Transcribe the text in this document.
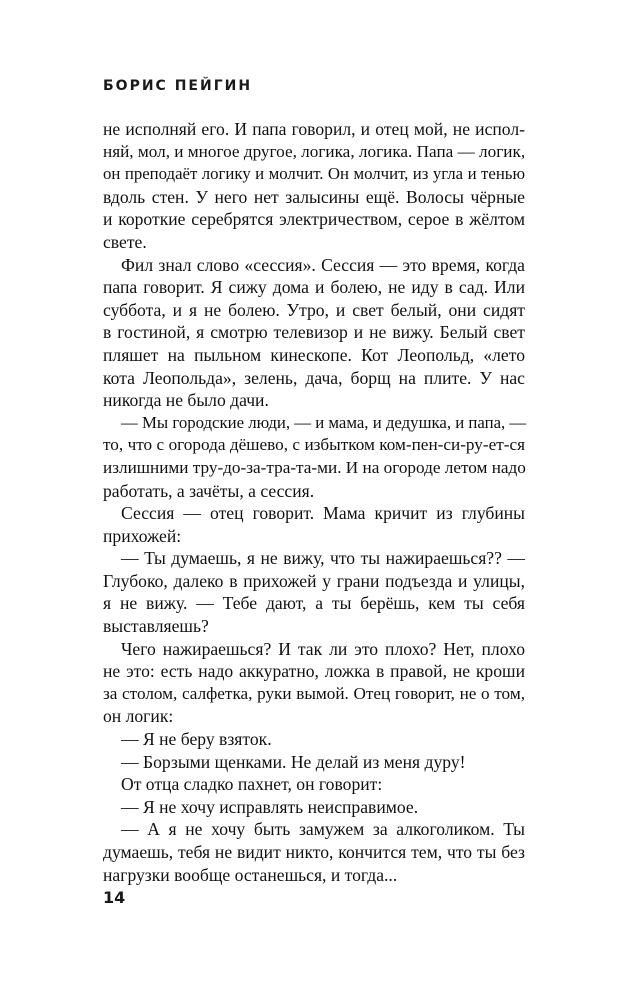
БОРИС ПЕЙГИН
не исполняй его. И папа говорил, и отец мой, не испол-
няй, мол, и многое другое, логика, логика. Папа — логик,
он преподаёт логику и молчит. Он молчит, из угла и тенью
вдоль стен. У него нет залысины ещё. Волосы чёрные
и короткие серебрятся электричеством, серое в жёлтом
свете.
Фил знал слово «сессия». Сессия — это время, когда
папа говорит. Я сижу дома и болею, не иду в сад. Или
суббота, и я не болею. Утро, и свет белый, они сидят
в гостиной, я смотрю телевизор и не вижу. Белый свет
пляшет на пыльном кинескопе. Кот Леопольд, «лето
кота Леопольда», зелень, дача, борщ на плите. У нас
никогда не было дачи.
— Мы городские люди, — и мама, и дедушка, и папа, —
то, что с огорода дёшево, с избытком ком-пен-си-ру-ет-ся
излишними тру-до-за-тра-та-ми. И на огороде летом надо
работать, а зачёты, а сессия.
Сессия — отец говорит. Мама кричит из глубины
прихожей:
— Ты думаешь, я не вижу, что ты нажираешься?? —
Глубоко, далеко в прихожей у грани подъезда и улицы,
я не вижу. — Тебе дают, а ты берёшь, кем ты себя
выставляешь?
Чего нажираешься? И так ли это плохо? Нет, плохо
не это: есть надо аккуратно, ложка в правой, не кроши
за столом, салфетка, руки вымой. Отец говорит, не о том,
он логик:
— Я не беру взяток.
— Борзыми щенками. Не делай из меня дуру!
От отца сладко пахнет, он говорит:
— Я не хочу исправлять неисправимое.
— А я не хочу быть замужем за алкоголиком. Ты
думаешь, тебя не видит никто, кончится тем, что ты без
нагрузки вообще останешься, и тогда...
14
